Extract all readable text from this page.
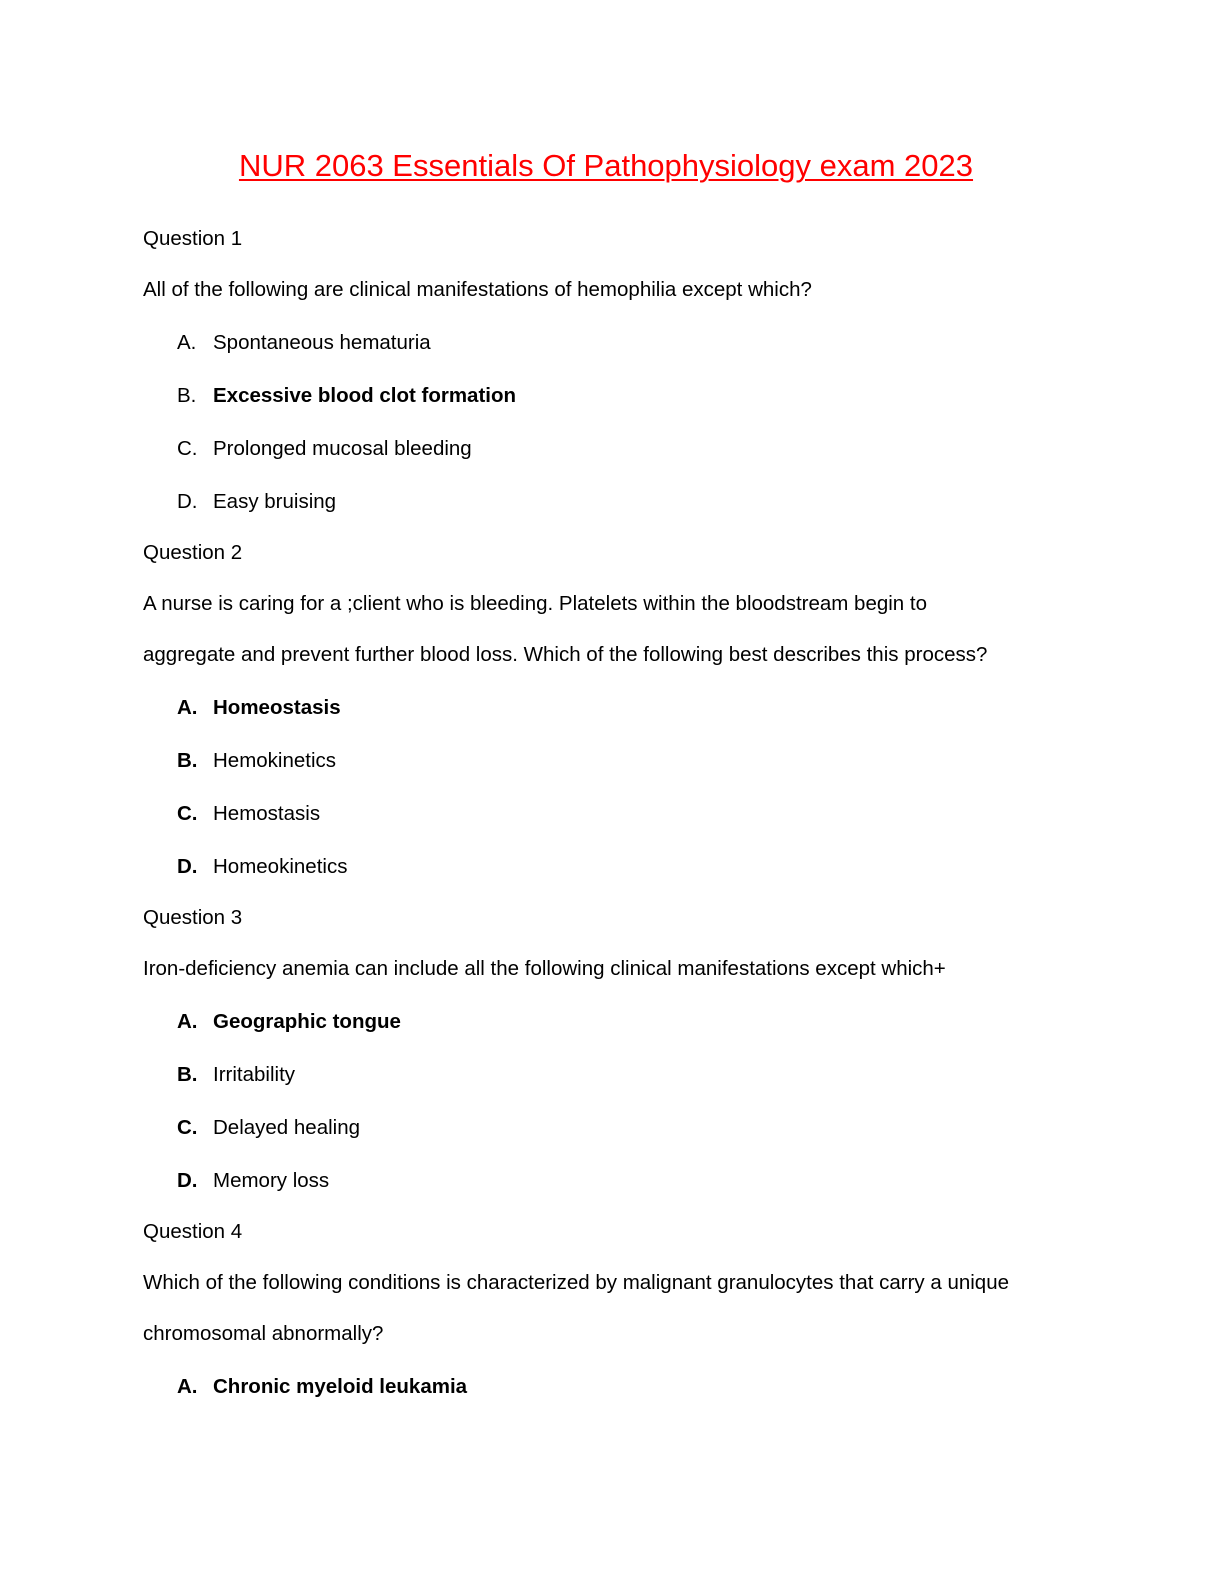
NUR 2063 Essentials Of Pathophysiology exam 2023

Question 1

All of the following are clinical manifestations of hemophilia except which?

A. Spontaneous hematuria
B. Excessive blood clot formation
C. Prolonged mucosal bleeding
D. Easy bruising

Question 2

A nurse is caring for a ;client who is bleeding. Platelets within the bloodstream begin to
aggregate and prevent further blood loss. Which of the following best describes this process?

A. Homeostasis
B. Hemokinetics
C. Hemostasis
D. Homeokinetics

Question 3

Iron-deficiency anemia can include all the following clinical manifestations except which+

A. Geographic tongue
B. Irritability
C. Delayed healing
D. Memory loss

Question 4

Which of the following conditions is characterized by malignant granulocytes that carry a unique
chromosomal abnormally?

A. Chronic myeloid leukamia
